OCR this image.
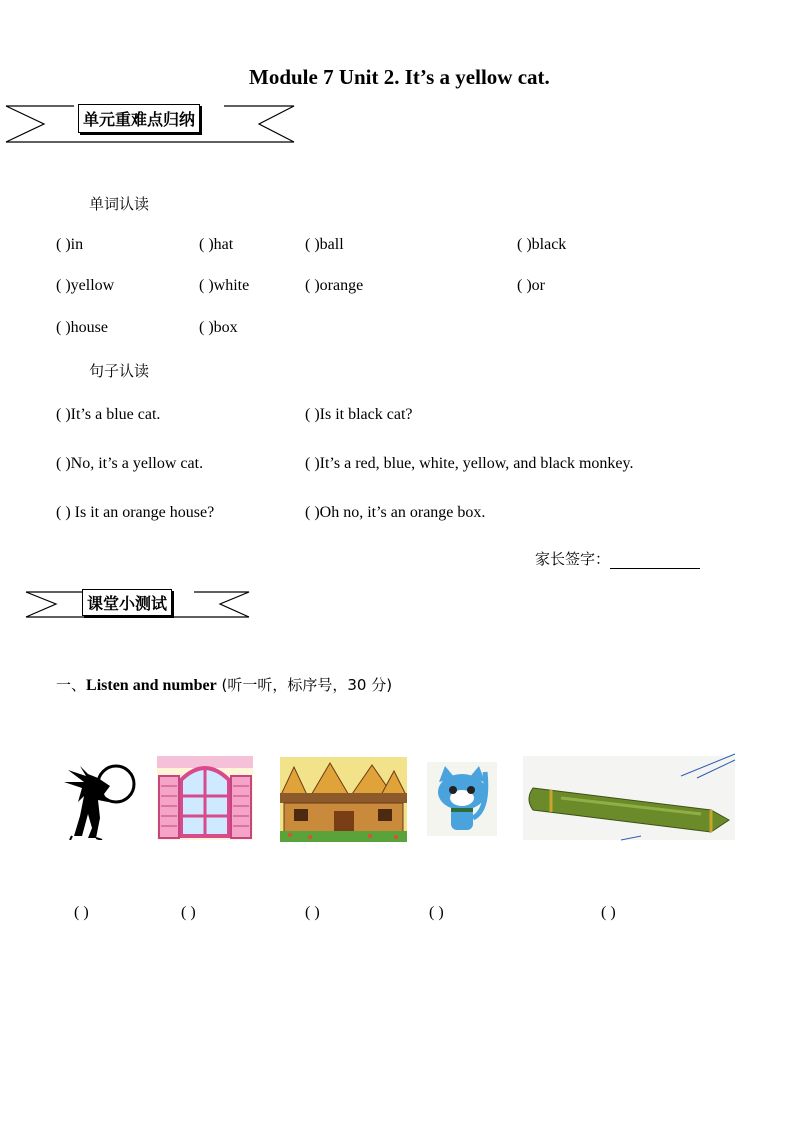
Module 7 Unit 2. It’s a yellow cat.
单元重难点归纳
单词认读
( )in	( )hat	( )ball	( )black
( )yellow	( )white	( )orange	( )or
( )house	( )box
句子认读
( )It’s a blue cat.	( )Is it black cat?
( )No, it’s a yellow cat.	( )It’s a red, blue, white, yellow, and black monkey.
( ) Is it an orange house?	( )Oh no, it’s an orange box.
家长签字：
课堂小测试
一、Listen and number (听一听，标序号，30 分)
( )	( )	( )	( )	( )
